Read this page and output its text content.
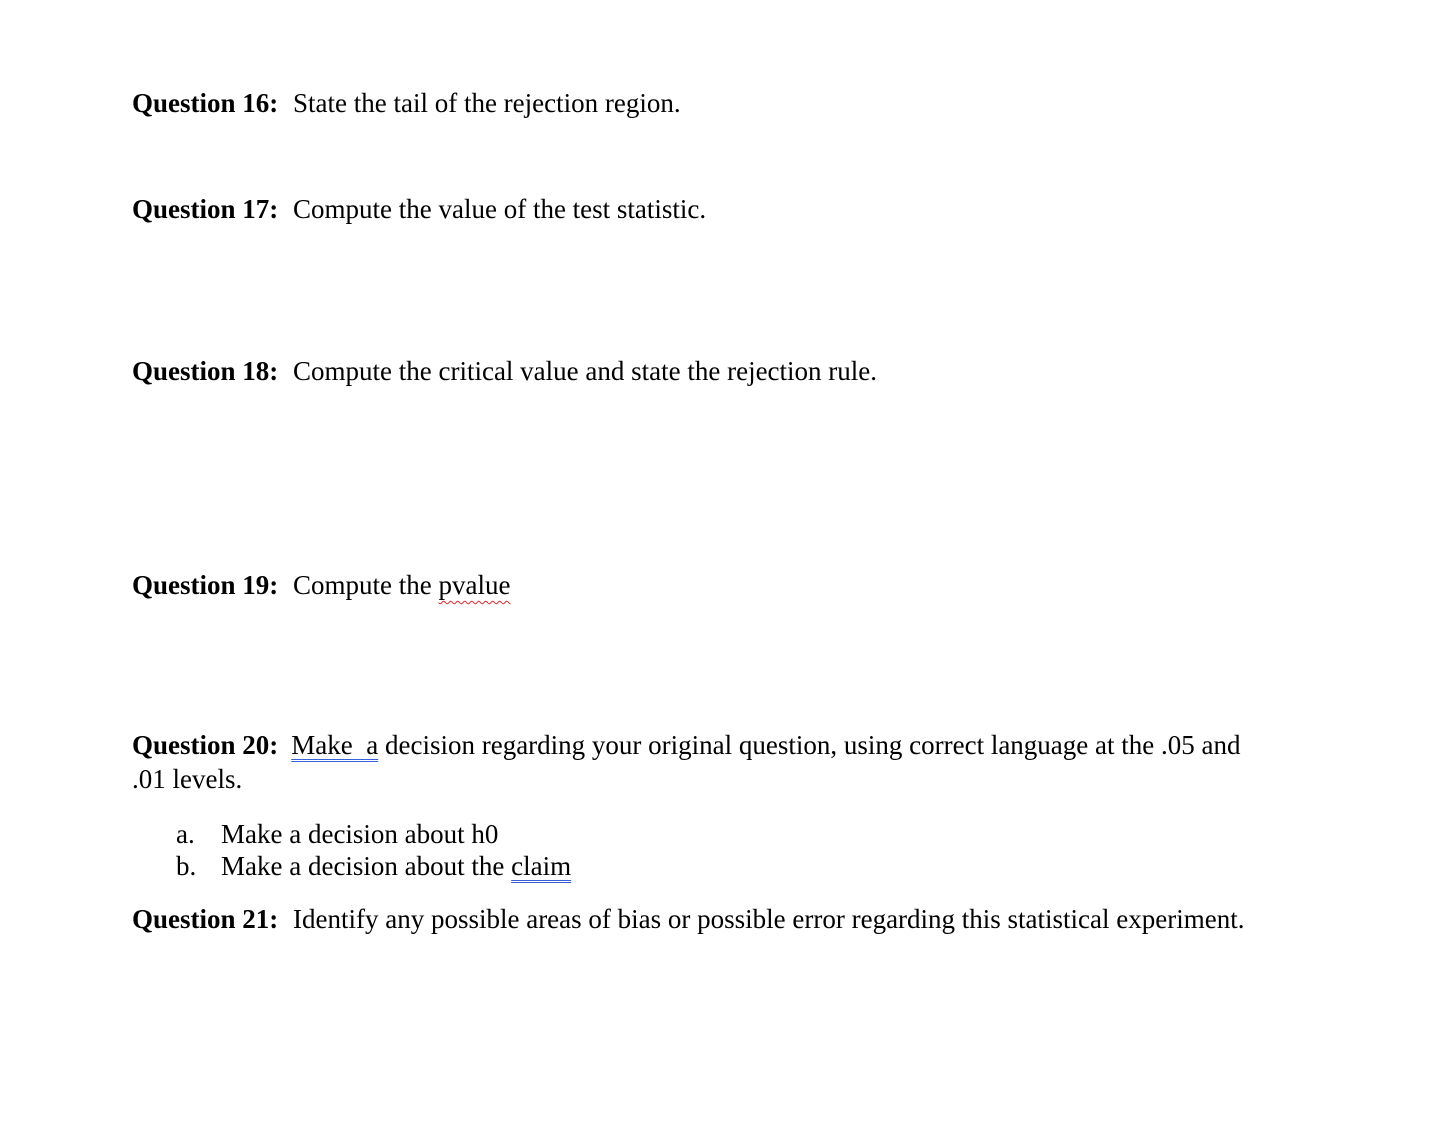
Question 16: State the tail of the rejection region.
Question 17: Compute the value of the test statistic.
Question 18: Compute the critical value and state the rejection rule.
Question 19: Compute the pvalue
Question 20: Make  a decision regarding your original question, using correct language at the .05 and
.01 levels.
a. Make a decision about h0
b. Make a decision about the claim
Question 21: Identify any possible areas of bias or possible error regarding this statistical experiment.
